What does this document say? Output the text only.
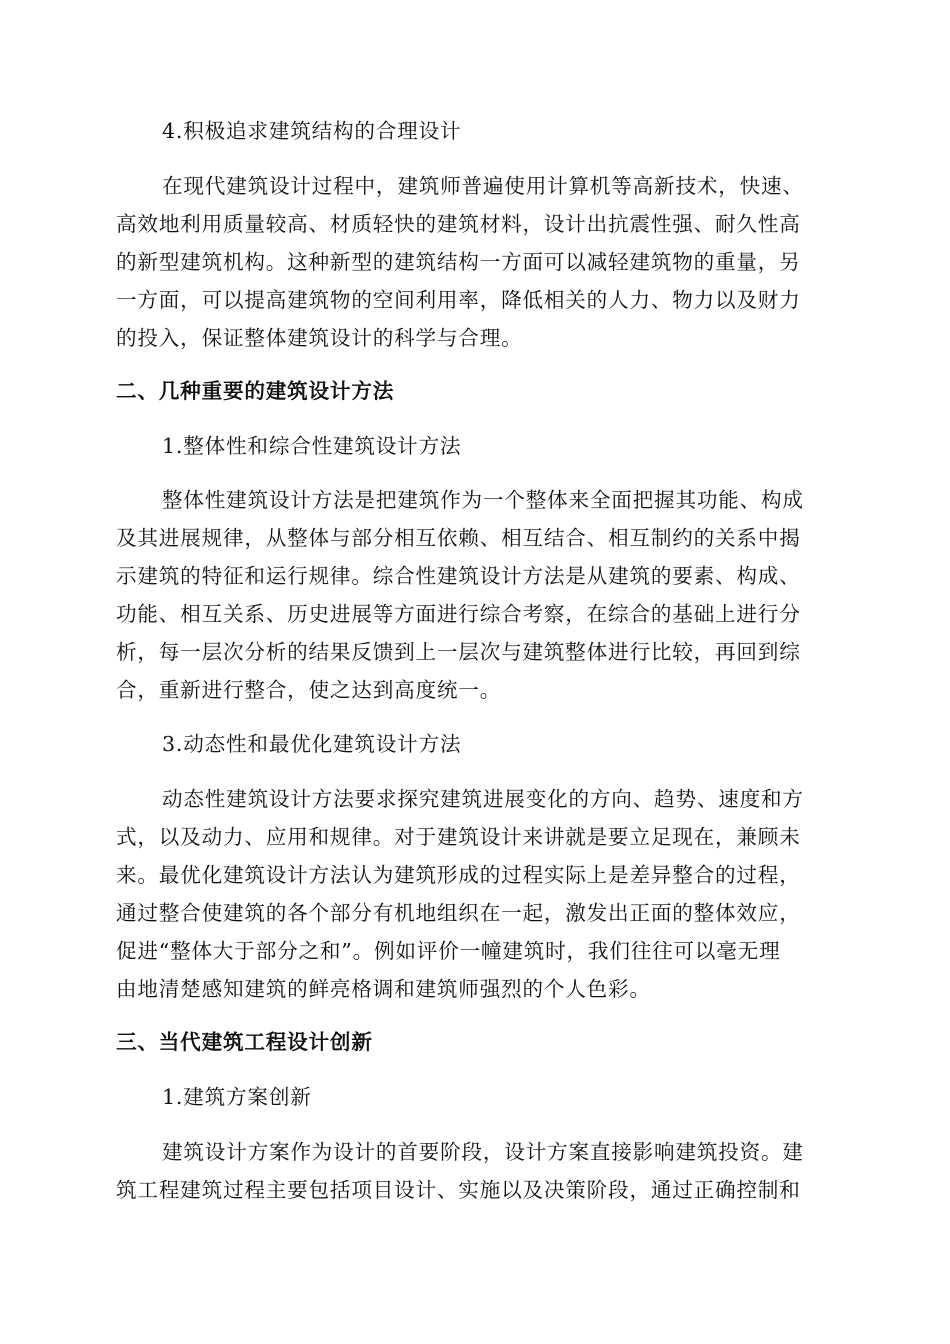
4.积极追求建筑结构的合理设计

在现代建筑设计过程中，建筑师普遍使用计算机等高新技术，快速、

高效地利用质量较高、材质轻快的建筑材料，设计出抗震性强、耐久性高

的新型建筑机构。这种新型的建筑结构一方面可以减轻建筑物的重量，另

一方面，可以提高建筑物的空间利用率，降低相关的人力、物力以及财力

的投入，保证整体建筑设计的科学与合理。

二、几种重要的建筑设计方法

1.整体性和综合性建筑设计方法

整体性建筑设计方法是把建筑作为一个整体来全面把握其功能、构成

及其进展规律，从整体与部分相互依赖、相互结合、相互制约的关系中揭

示建筑的特征和运行规律。综合性建筑设计方法是从建筑的要素、构成、

功能、相互关系、历史进展等方面进行综合考察，在综合的基础上进行分

析，每一层次分析的结果反馈到上一层次与建筑整体进行比较，再回到综

合，重新进行整合，使之达到高度统一。

3.动态性和最优化建筑设计方法

动态性建筑设计方法要求探究建筑进展变化的方向、趋势、速度和方

式，以及动力、应用和规律。对于建筑设计来讲就是要立足现在，兼顾未

来。最优化建筑设计方法认为建筑形成的过程实际上是差异整合的过程，

通过整合使建筑的各个部分有机地组织在一起，激发出正面的整体效应，

促进“整体大于部分之和”。例如评价一幢建筑时，我们往往可以毫无理

由地清楚感知建筑的鲜亮格调和建筑师强烈的个人色彩。

三、当代建筑工程设计创新

1.建筑方案创新

建筑设计方案作为设计的首要阶段，设计方案直接影响建筑投资。建

筑工程建筑过程主要包括项目设计、实施以及决策阶段，通过正确控制和
